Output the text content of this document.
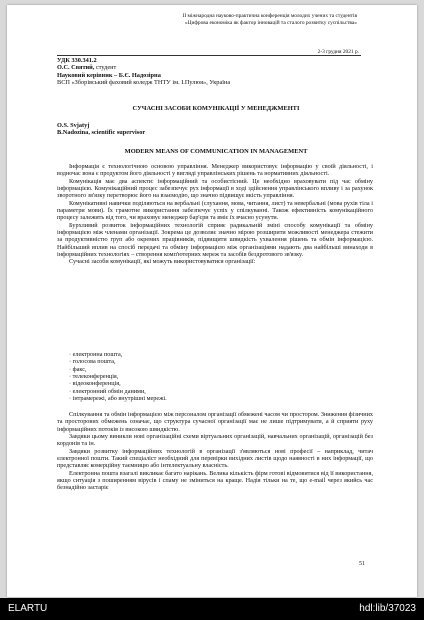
II міжнародна науково-практична конференція молодих учених та студентів
«Цифрова економіка як фактор інновацій та сталого розвитку суспільства»
2-3 грудня 2021 р.
УДК 330.341.2
О.С. Святий, студент
Науковий керівник – Б.Є. Надозірна
ВСП «Зборівський фаховий коледж ТНТУ ім. І.Пулюя», Україна
СУЧАСНІ ЗАСОБИ КОМУНІКАЦІЇ У МЕНЕДЖМЕНТІ
O.S. Svjatyj
B.Nadozina, scientific supervisor
MODERN MEANS OF COMMUNICATION IN MANAGEMENT

Інформація є технологічною основою управління. Менеджер використовує інформацію у своїй діяльності, і водночас вона є продуктом його діяльності у вигляді управлінських рішень та нормативних діяльності.

Комунікація має два аспекти: інформаційний та особистісний. Це необхідно враховувати під час обміну інформацією. Комунікаційний процес забезпечує рух інформації в ході здійснення управлінського впливу і за рахунок зворотного зв'язку перетворює його на взаємодію, що значно підвищує якість управління.

Комунікативні навички поділяються на вербальні (слухання, мова, читання, лист) та невербальні (мова рухів тіла і параметри мови). Їх грамотне використання забезпечує успіх у спілкуванні. Також ефективність комунікаційного процесу залежить від того, чи враховує менеджер бар'єри та вміє їх вчасно усунути.

Бурхливий розвиток інформаційних технологій сприяє радикальній зміні способу комунікації та обміну інформацією між членами організації. Зокрема це дозволяє значно мірою розширити можливості менеджера стежити за продуктивністю груп або окремих працівників, підвищити швидкість ухвалення рішень та обмін інформацією. Найбільший вплив на спосіб передачі та обміну інформацією між організаціями надають два найбільші винаходи в інформаційних технологіях – створення комп'ютерних мереж та засобів бездротового зв'язку.

Сучасні засоби комунікації, які можуть використовуватися організації:

· електронна пошта,
· голосова пошта,
· факс,
· телеконференція,
· відеоконференція,
· електронний обмін даними,
· інтрамережі, або внутрішні мережі.

Спілкування та обмін інформацією між персоналом організації обмежені часом чи простором. Зниження фізичних та просторових обмежень означає, що структура сучасної організації має не лише підтримувати, а й сприяти руху інформаційних потоків із високою швидкістю.

Завдяки цьому виникли нові організаційні схеми віртуальних організацій, навчальних організацій, організацій без кордонів та ін.

Завдяки розвитку інформаційних технологій в організації з'являються нові професії – наприклад, читач електронної пошти. Такий спеціаліст необхідний для перевірки вихідних листів щодо наявності в них інформації, що представляє комерційну таємницю або інтелектуальну власність.

Електронна пошта взагалі викликає багато нарікань. Велика кількість фірм готові відмовитися від її використання, якщо ситуація з поширенням вірусів і спаму не зміниться на краще. Надія тільки на те, що e-mail через якийсь час безнадійно застаріє

51
ELARTU	hdl:lib/37023
